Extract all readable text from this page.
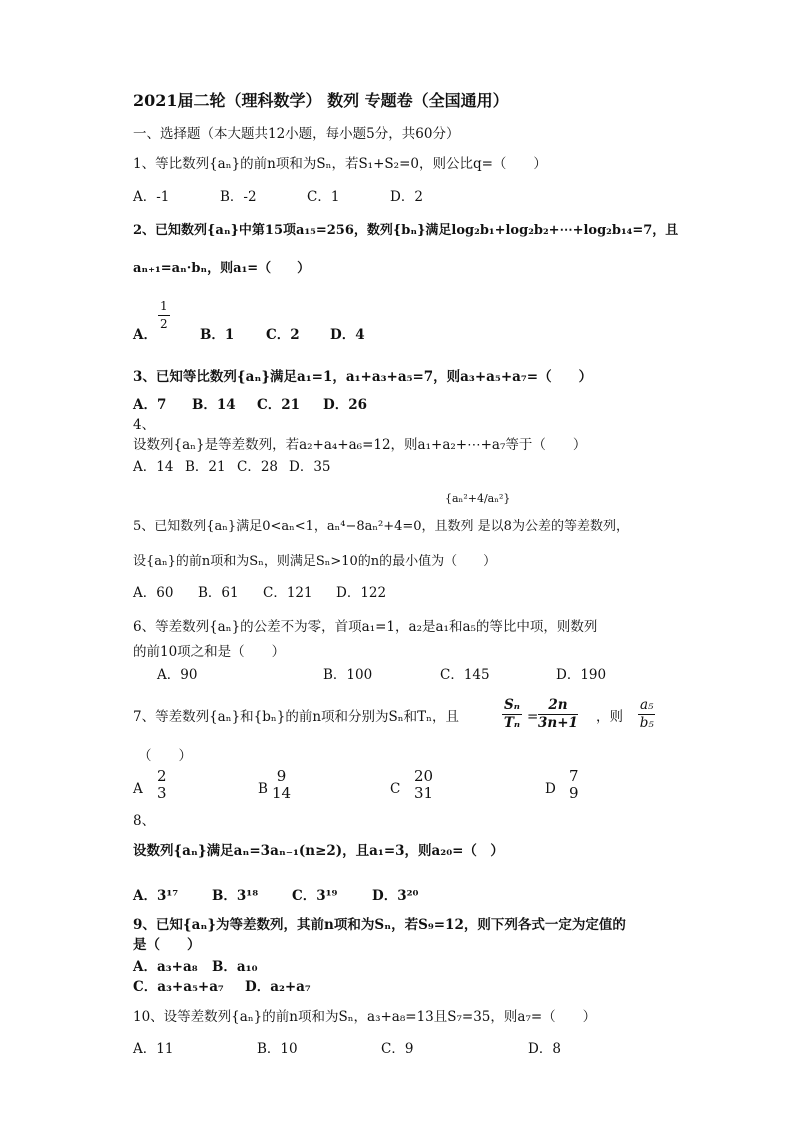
2021届二轮（理科数学） 数列 专题卷（全国通用）
一、选择题（本大题共12小题，每小题5分，共60分）
1、等比数列{aₙ}的前n项和为Sₙ，若S₁+S₂=0，则公比q=（　　）
A．-1	B．-2	C．1	D．2
2、已知数列{aₙ}中第15项a₁₅=256，数列{bₙ}满足log₂b₁+log₂b₂+⋯+log₂b₁₄=7，且
aₙ₊₁=aₙ·bₙ，则a₁=（　　）
A．
$\frac{1}{2}$
B．1 C．2 D．4
3、已知等比数列{aₙ}满足a₁=1，a₁+a₃+a₅=7，则a₃+a₅+a₇=（　　）
A．7 B．14 C．21 D．26
4、
设数列{aₙ}是等差数列，若a₂+a₄+a₆=12，则a₁+a₂+⋯+a₇等于（　　）
A．14 B．21 C．28 D．35
{aₙ²+4/aₙ²}
5、已知数列{aₙ}满足0<aₙ<1，aₙ⁴−8aₙ²+4=0，且数列 是以8为公差的等差数列，
设{aₙ}的前n项和为Sₙ，则满足Sₙ>10的n的最小值为（　　）
A．60 B．61 C．121 D．122
6、等差数列{aₙ}的公差不为零，首项a₁=1，a₂是a₁和a₅的等比中项，则数列
的前10项之和是（　　）
A．90	B．100	C．145	D．190
7、等差数列{aₙ}和{bₙ}的前n项和分别为Sₙ和Tₙ，且	$\frac{\text{Sₙ}}{\text{Tₙ}} = \frac{2n}{3n+1}$ ，则 $\frac{\text{a₅}}{\text{b₅}}$
（　　）
A
2
3	B
9
14	C
20
31	D
7
9
8、
设数列{aₙ}满足aₙ=3aₙ₋₁(n≥2)，且a₁=3，则a₂₀=（　）
A．3¹⁷	B．3¹⁸	C．3¹⁹	D．3²⁰
9、已知{aₙ}为等差数列，其前n项和为Sₙ，若S₉=12，则下列各式一定为定值的
是（　　）
A．a₃+a₈ B．a₁₀
C．a₃+a₅+a₇ D．a₂+a₇
10、设等差数列{aₙ}的前n项和为Sₙ，a₃+a₈=13且S₇=35，则a₇=（　　）
A．11	B．10	C．9	D．8
